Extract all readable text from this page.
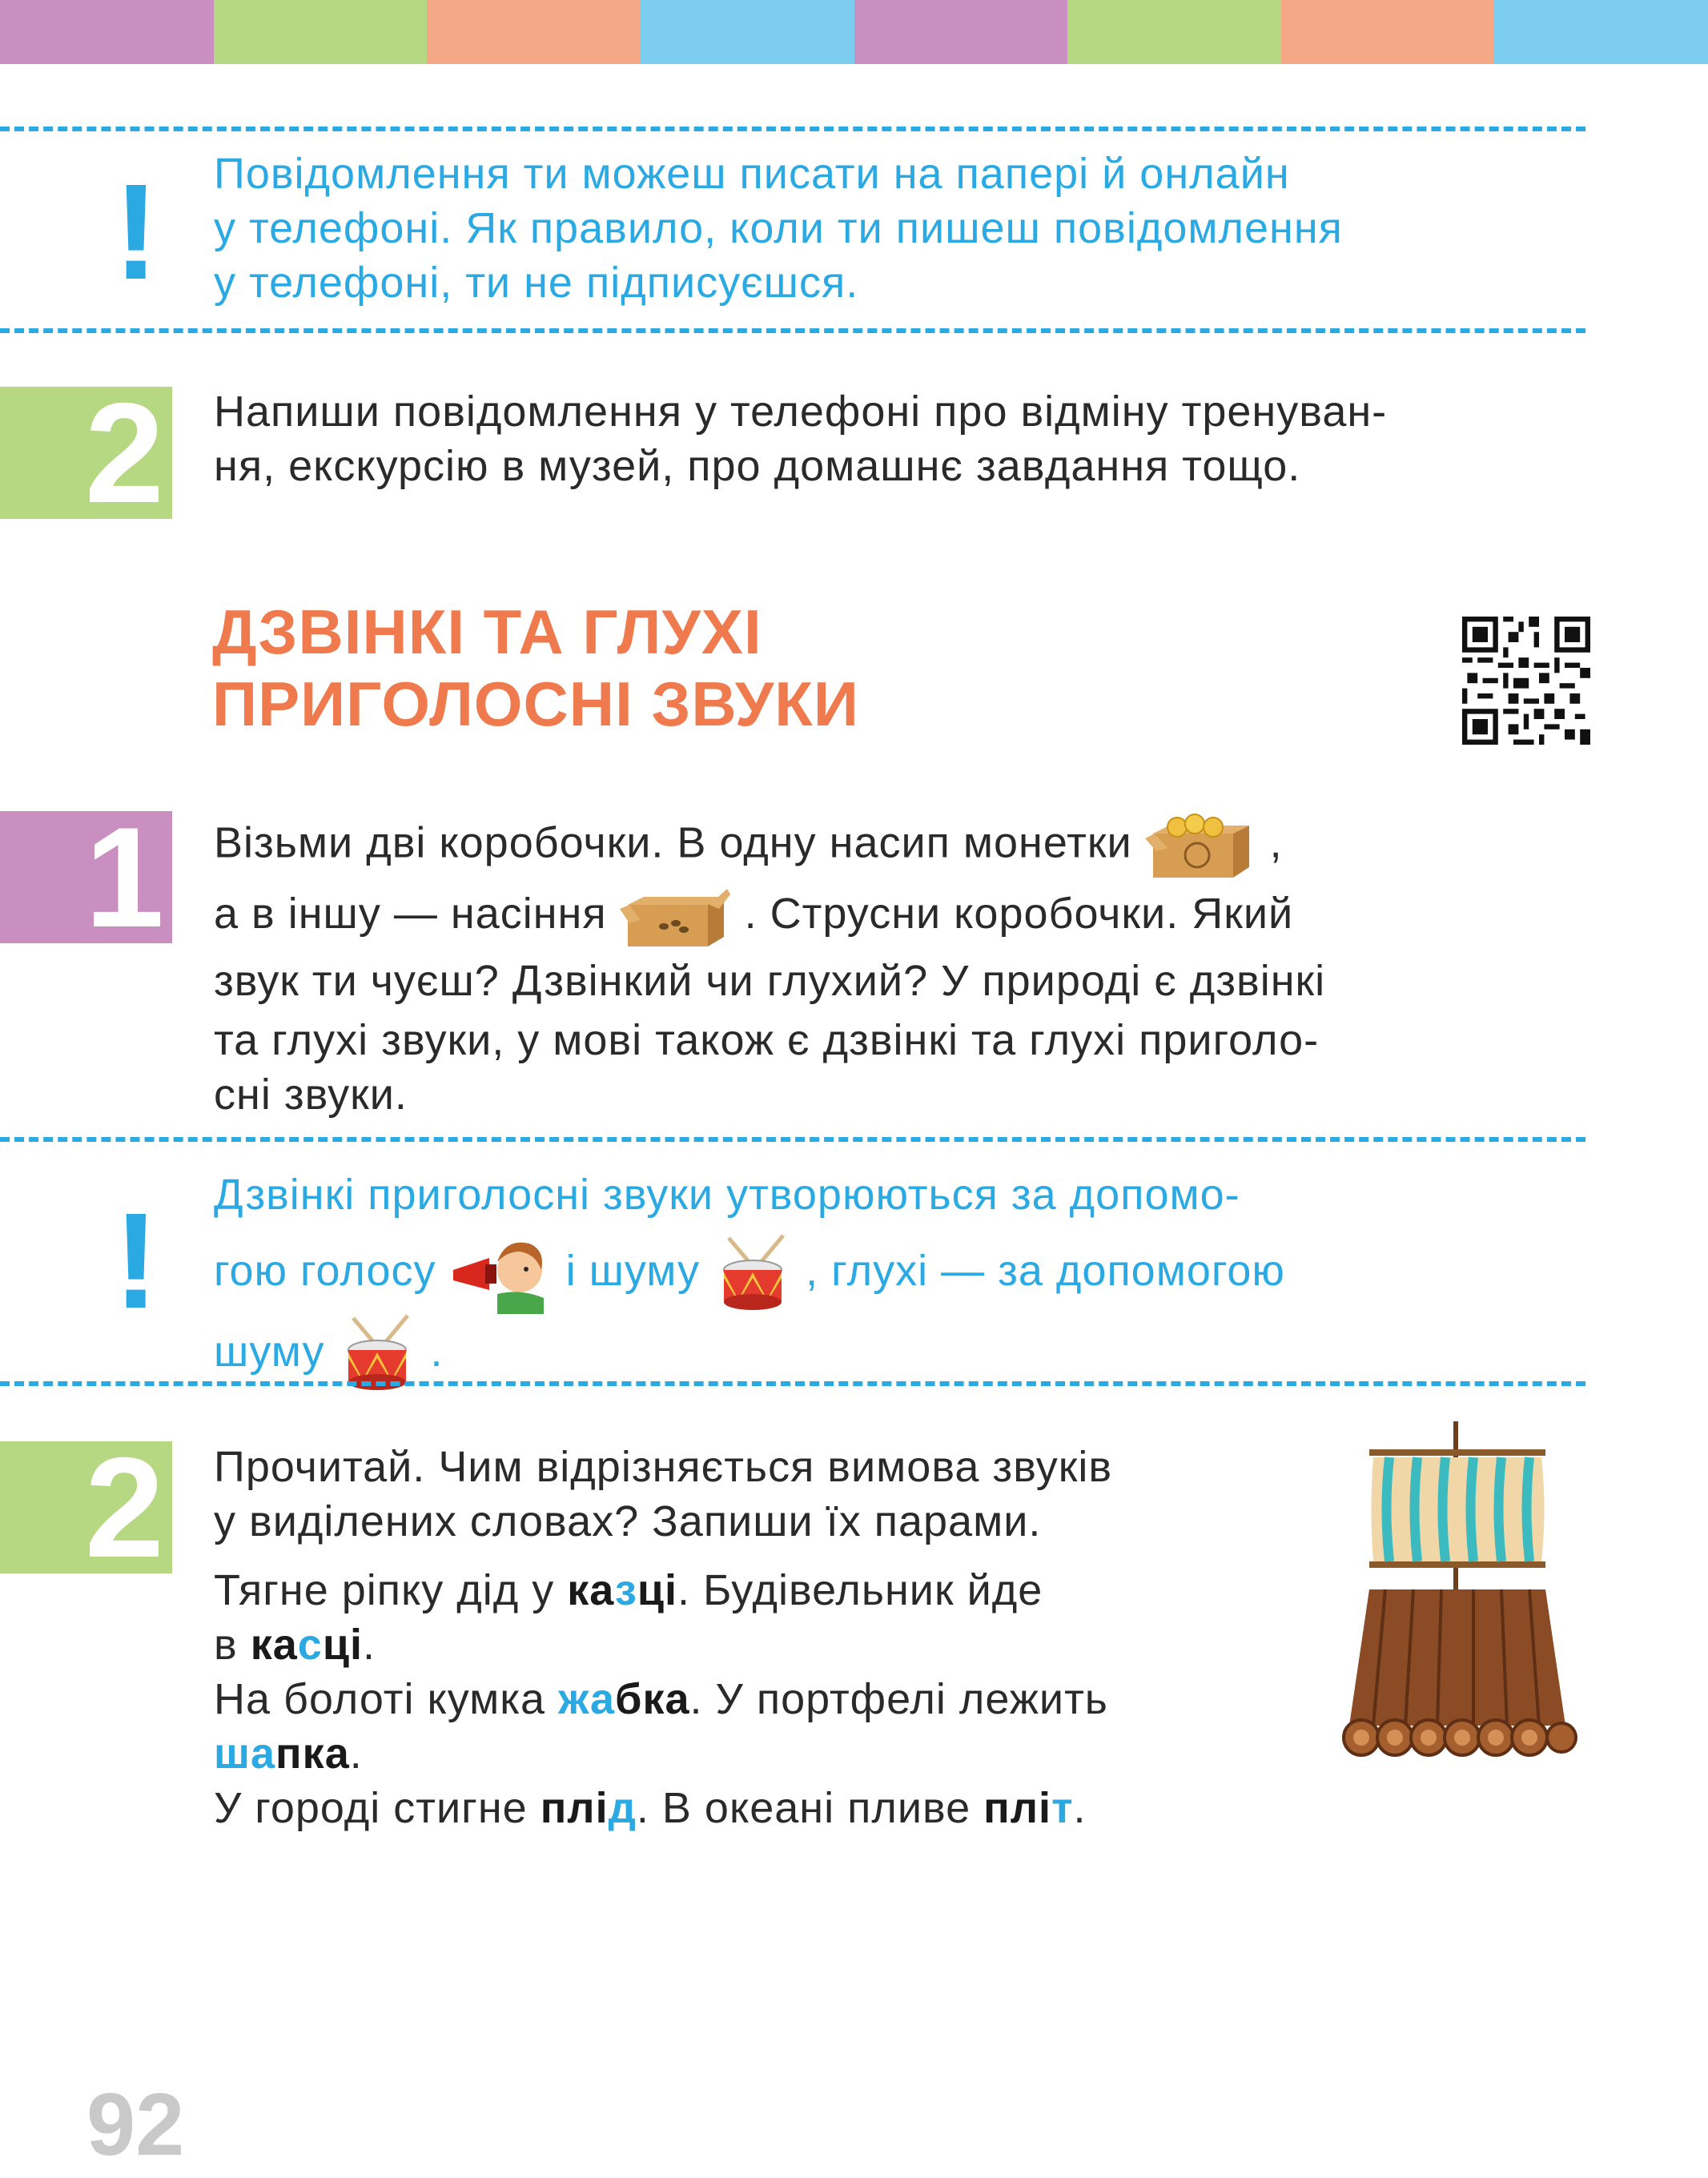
! Повідомлення ти можеш писати на папері й онлайн
у телефоні. Як правило, коли ти пишеш повідомлення
у телефоні, ти не підписуєшся.
2 Напиши повідомлення у телефоні про відміну тренуван-
ня, екскурсію в музей, про домашнє завдання тощо.
ДЗВІНКІ ТА ГЛУХІ
ПРИГОЛОСНІ ЗВУКИ
1 Візьми дві коробочки. В одну насип монетки	,
а в іншу — насіння	. Струсни коробочки. Який
звук ти чуєш? Дзвінкий чи глухий? У природі є дзвінкі
та глухі звуки, у мові також є дзвінкі та глухі приголо-
сні звуки.
! Дзвінкі приголосні звуки утворюються за допомо-
гою голосу	і шуму , глухі — за допомогою
шуму .
2 Прочитай. Чим відрізняється вимова звуків
у виділених словах? Запиши їх парами.
Тягне ріпку дід у казці. Будівельник йде
в касці.
На болоті кумка жабка. У портфелі лежить
шапка.
У городі стигне плід. В океані пливе пліт.
92
